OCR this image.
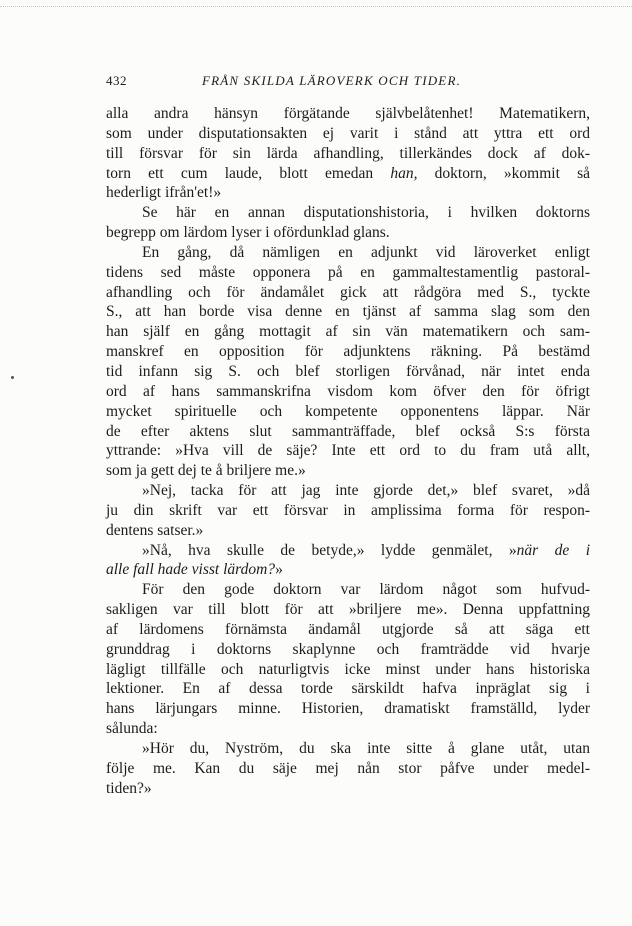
432	FRÅN SKILDA LÄROVERK OCH TIDER.
alla andra hänsyn förgätande självbelåtenhet! Matematikern,
som under disputationsakten ej varit i stånd att yttra ett ord
till försvar för sin lärda afhandling, tillerkändes dock af dok-
torn ett cum laude, blott emedan han, doktorn, »kommit så
hederligt ifrån'et!»
Se här en annan disputationshistoria, i hvilken doktorns
begrepp om lärdom lyser i ofördunklad glans.
En gång, då nämligen en adjunkt vid läroverket enligt
tidens sed måste opponera på en gammaltestamentlig pastoral-
afhandling och för ändamålet gick att rådgöra med S., tyckte
S., att han borde visa denne en tjänst af samma slag som den
han själf en gång mottagit af sin vän matematikern och sam-
manskref en opposition för adjunktens räkning. På bestämd
tid infann sig S. och blef storligen förvånad, när intet enda
ord af hans sammanskrifna visdom kom öfver den för öfrigt
mycket spirituelle och kompetente opponentens läppar. När
de efter aktens slut sammanträffade, blef också S:s första
yttrande: »Hva vill de säje? Inte ett ord to du fram utå allt,
som ja gett dej te å briljere me.»
»Nej, tacka för att jag inte gjorde det,» blef svaret, »då
ju din skrift var ett försvar in amplissima forma för respon-
dentens satser.»
»Nå, hva skulle de betyde,» lydde genmälet, »när de i
alle fall hade visst lärdom?»
För den gode doktorn var lärdom något som hufvud-
sakligen var till blott för att »briljere me». Denna uppfattning
af lärdomens förnämsta ändamål utgjorde så att säga ett
grunddrag i doktorns skaplynne och framträdde vid hvarje
lägligt tillfälle och naturligtvis icke minst under hans historiska
lektioner. En af dessa torde särskildt hafva inpräglat sig i
hans lärjungars minne. Historien, dramatiskt framställd, lyder
sålunda:
»Hör du, Nyström, du ska inte sitte å glane utåt, utan
följe me. Kan du säje mej nån stor påfve under medel-
tiden?»
